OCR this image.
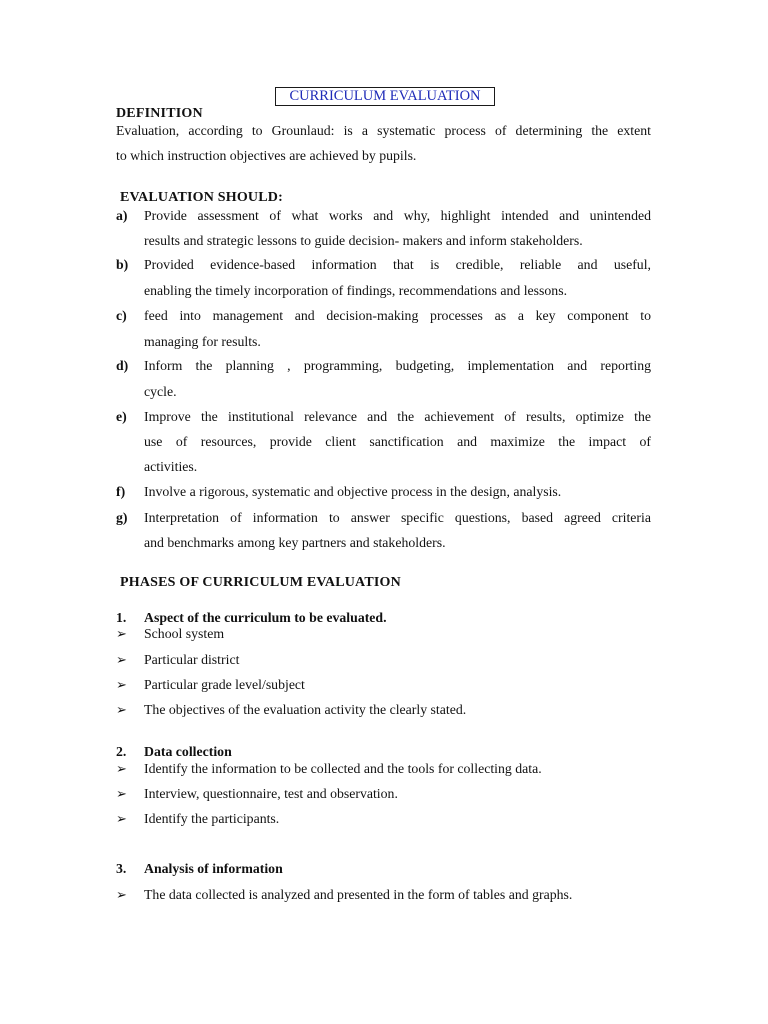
CURRICULUM EVALUATION
DEFINITION
Evaluation, according to Grounlaud: is a systematic process of determining the extent
to which instruction objectives are achieved by pupils.
EVALUATION SHOULD:
a) Provide assessment of what works and why, highlight intended and unintended
results and strategic lessons to guide decision- makers and inform stakeholders.
b) Provided evidence-based information that is credible, reliable and useful,
enabling the timely incorporation of findings, recommendations and lessons.
c) feed into management and decision-making processes as a key component to
managing for results.
d) Inform the planning , programming, budgeting, implementation and reporting
cycle.
e) Improve the institutional relevance and the achievement of results, optimize the
use of resources, provide client sanctification and maximize the impact of
activities.
f) Involve a rigorous, systematic and objective process in the design, analysis.
g) Interpretation of information to answer specific questions, based agreed criteria
and benchmarks among key partners and stakeholders.
PHASES OF CURRICULUM EVALUATION
1. Aspect of the curriculum to be evaluated.
➢ School system
➢ Particular district
➢ Particular grade level/subject
➢ The objectives of the evaluation activity the clearly stated.
2. Data collection
➢ Identify the information to be collected and the tools for collecting data.
➢ Interview, questionnaire, test and observation.
➢ Identify the participants.
3. Analysis of information
➢ The data collected is analyzed and presented in the form of tables and graphs.
